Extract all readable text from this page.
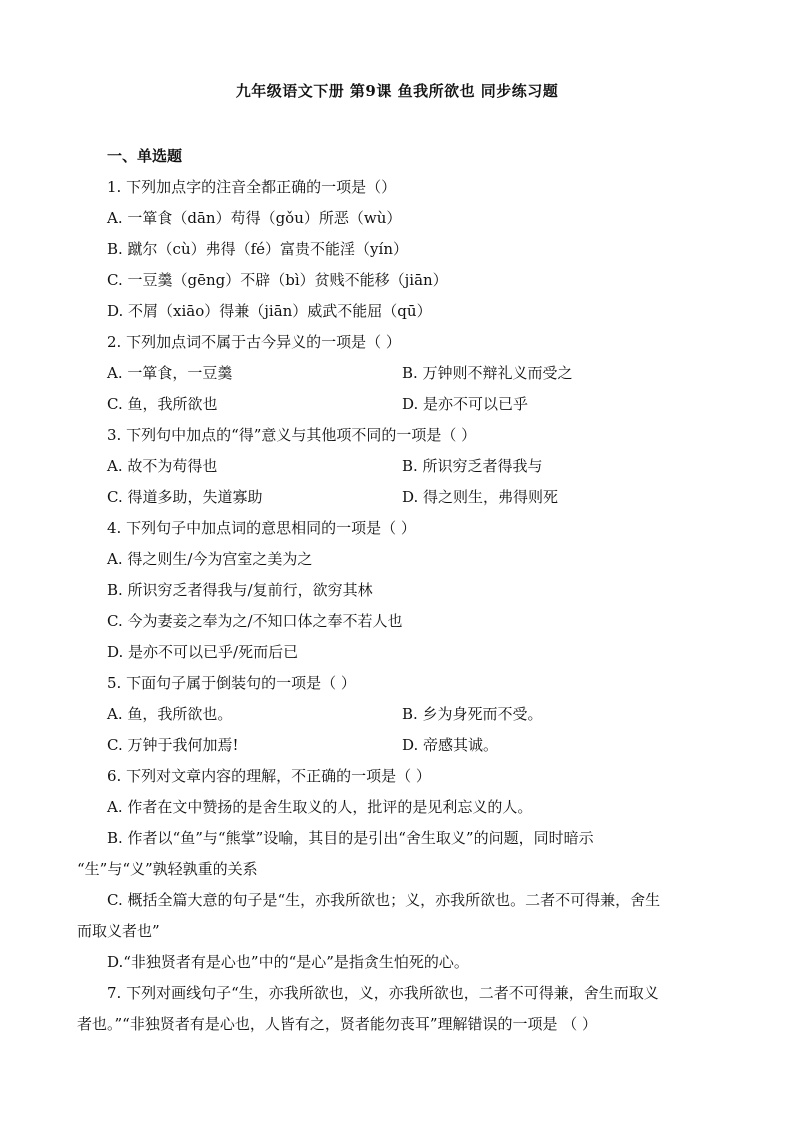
九年级语文下册 第9课 鱼我所欲也 同步练习题
一、单选题
1. 下列加点字的注音全都正确的一项是（）
A. 一箪食（dān）苟得（gǒu）所恶（wù）
B. 蹴尔（cù）弗得（fé）富贵不能淫（yín）
C. 一豆羹（gēng）不辟（bì）贫贱不能移（jiān）
D. 不屑（xiāo）得兼（jiān）威武不能屈（qū）
2. 下列加点词不属于古今异义的一项是（ ）
A. 一箪食，一豆羹	B. 万钟则不辩礼义而受之
C. 鱼，我所欲也	D. 是亦不可以已乎
3. 下列句中加点的“得”意义与其他项不同的一项是（ ）
A. 故不为苟得也	B. 所识穷乏者得我与
C. 得道多助，失道寡助	D. 得之则生，弗得则死
4. 下列句子中加点词的意思相同的一项是（ ）
A. 得之则生/今为宫室之美为之
B. 所识穷乏者得我与/复前行，欲穷其林
C. 今为妻妾之奉为之/不知口体之奉不若人也
D. 是亦不可以已乎/死而后已
5. 下面句子属于倒装句的一项是（ ）
A. 鱼，我所欲也。	B. 乡为身死而不受。
C. 万钟于我何加焉!	D. 帝感其诚。
6. 下列对文章内容的理解，不正确的一项是（ ）
A. 作者在文中赞扬的是舍生取义的人，批评的是见利忘义的人。
B. 作者以“鱼”与“熊掌”设喻，其目的是引出“舍生取义”的问题，同时暗示
“生”与“义”孰轻孰重的关系
C. 概括全篇大意的句子是“生，亦我所欲也；义，亦我所欲也。二者不可得兼，舍生
而取义者也”
D.“非独贤者有是心也”中的“是心”是指贪生怕死的心。
7. 下列对画线句子“生，亦我所欲也，义，亦我所欲也，二者不可得兼，舍生而取义
者也。”“非独贤者有是心也，人皆有之，贤者能勿丧耳”理解错误的一项是 （ ）
